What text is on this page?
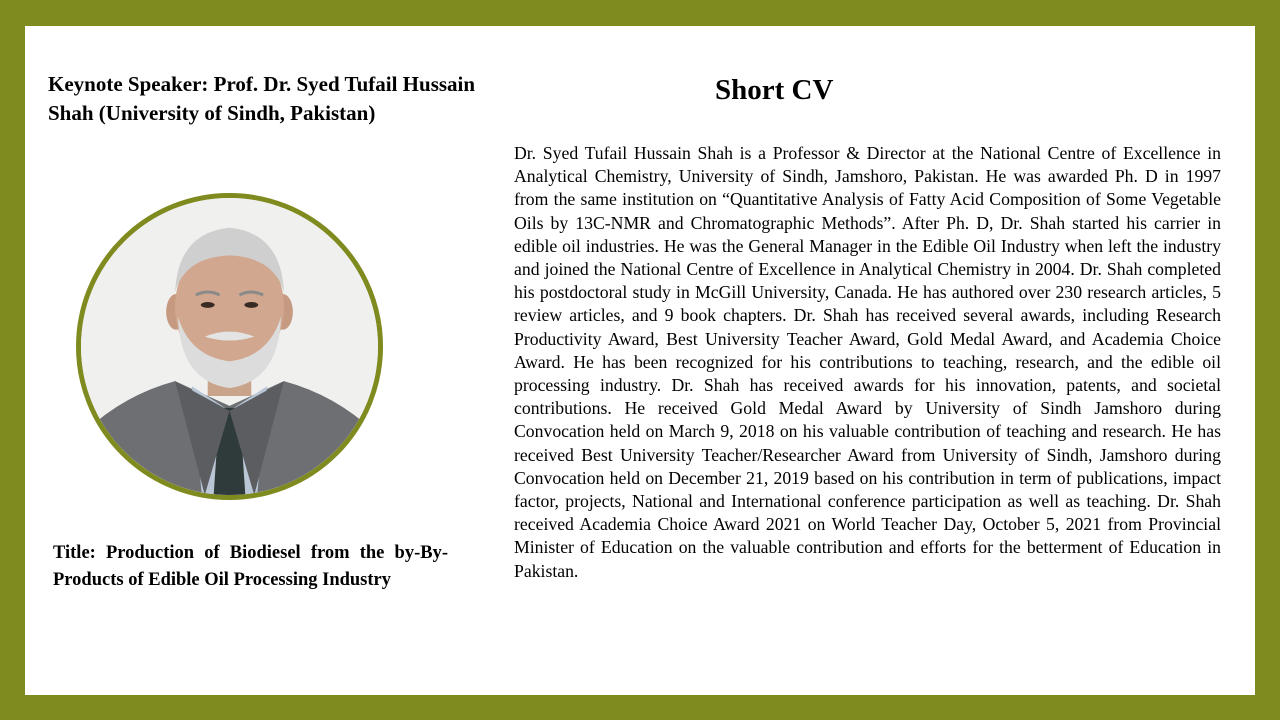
Keynote Speaker: Prof. Dr. Syed Tufail Hussain Shah (University of Sindh, Pakistan)

Title: Production of Biodiesel from the by-By-Products of Edible Oil Processing Industry

Short CV

Dr. Syed Tufail Hussain Shah is a Professor & Director at the National Centre of Excellence in Analytical Chemistry, University of Sindh, Jamshoro, Pakistan. He was awarded Ph. D in 1997 from the same institution on “Quantitative Analysis of Fatty Acid Composition of Some Vegetable Oils by 13C-NMR and Chromatographic Methods”. After Ph. D, Dr. Shah started his carrier in edible oil industries. He was the General Manager in the Edible Oil Industry when left the industry and joined the National Centre of Excellence in Analytical Chemistry in 2004. Dr. Shah completed his postdoctoral study in McGill University, Canada. He has authored over 230 research articles, 5 review articles, and 9 book chapters. Dr. Shah has received several awards, including Research Productivity Award, Best University Teacher Award, Gold Medal Award, and Academia Choice Award. He has been recognized for his contributions to teaching, research, and the edible oil processing industry. Dr. Shah has received awards for his innovation, patents, and societal contributions. He received Gold Medal Award by University of Sindh Jamshoro during Convocation held on March 9, 2018 on his valuable contribution of teaching and research. He has received Best University Teacher/Researcher Award from University of Sindh, Jamshoro during Convocation held on December 21, 2019 based on his contribution in term of publications, impact factor, projects, National and International conference participation as well as teaching. Dr. Shah received Academia Choice Award 2021 on World Teacher Day, October 5, 2021 from Provincial Minister of Education on the valuable contribution and efforts for the betterment of Education in Pakistan.
